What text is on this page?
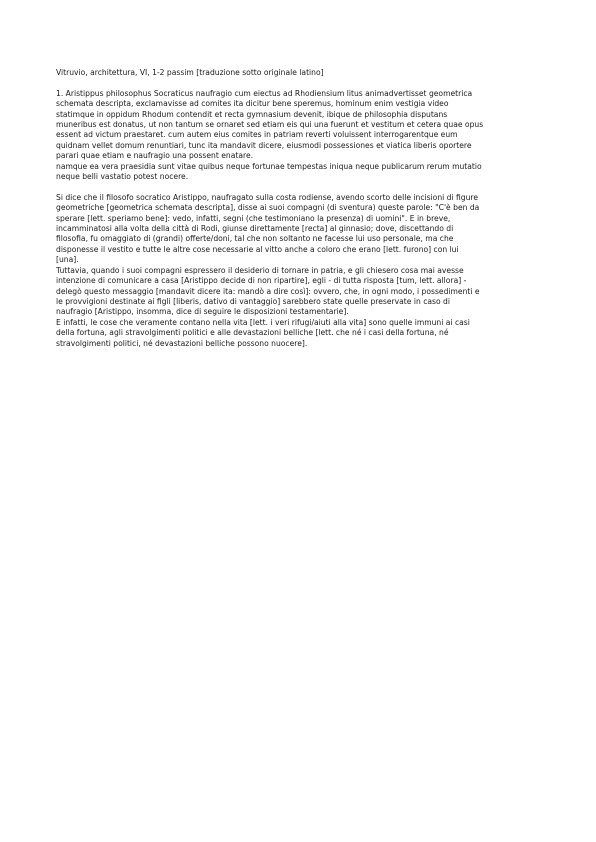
Vitruvio, architettura, VI, 1-2 passim [traduzione sotto originale latino]
1. Aristippus philosophus Socraticus naufragio cum eiectus ad Rhodiensium litus animadvertisset geometrica
schemata descripta, exclamavisse ad comites ita dicitur bene speremus, hominum enim vestigia video
statimque in oppidum Rhodum contendit et recta gymnasium devenit, ibique de philosophia disputans
muneribus est donatus, ut non tantum se ornaret sed etiam eis qui una fuerunt et vestitum et cetera quae opus
essent ad victum praestaret. cum autem eius comites in patriam reverti voluissent interrogarentque eum
quidnam vellet domum renuntiari, tunc ita mandavit dicere, eiusmodi possessiones et viatica liberis oportere
parari quae etiam e naufragio una possent enatare.
namque ea vera praesidia sunt vitae quibus neque fortunae tempestas iniqua neque publicarum rerum mutatio
neque belli vastatio potest nocere.
Si dice che il filosofo socratico Aristippo, naufragato sulla costa rodiense, avendo scorto delle incisioni di figure
geometriche [geometrica schemata descripta], disse ai suoi compagni (di sventura) queste parole: "C'è ben da
sperare [lett. speriamo bene]: vedo, infatti, segni (che testimoniano la presenza) di uomini". E in breve,
incamminatosi alla volta della città di Rodi, giunse direttamente [recta] al ginnasio; dove, discettando di
filosofia, fu omaggiato di (grandi) offerte/doni, tal che non soltanto ne facesse lui uso personale, ma che
disponesse il vestito e tutte le altre cose necessarie al vitto anche a coloro che erano [lett. furono] con lui
[una].
Tuttavia, quando i suoi compagni espressero il desiderio di tornare in patria, e gli chiesero cosa mai avesse
intenzione di comunicare a casa [Aristippo decide di non ripartire], egli - di tutta risposta [tum, lett. allora] -
delegò questo messaggio [mandavit dicere ita: mandò a dire così]: ovvero, che, in ogni modo, i possedimenti e
le provvigioni destinate ai figli [liberis, dativo di vantaggio] sarebbero state quelle preservate in caso di
naufragio [Aristippo, insomma, dice di seguire le disposizioni testamentarie].
E infatti, le cose che veramente contano nella vita [lett. i veri rifugi/aiuti alla vita] sono quelle immuni ai casi
della fortuna, agli stravolgimenti politici e alle devastazioni belliche [lett. che né i casi della fortuna, né
stravolgimenti politici, né devastazioni belliche possono nuocere].
